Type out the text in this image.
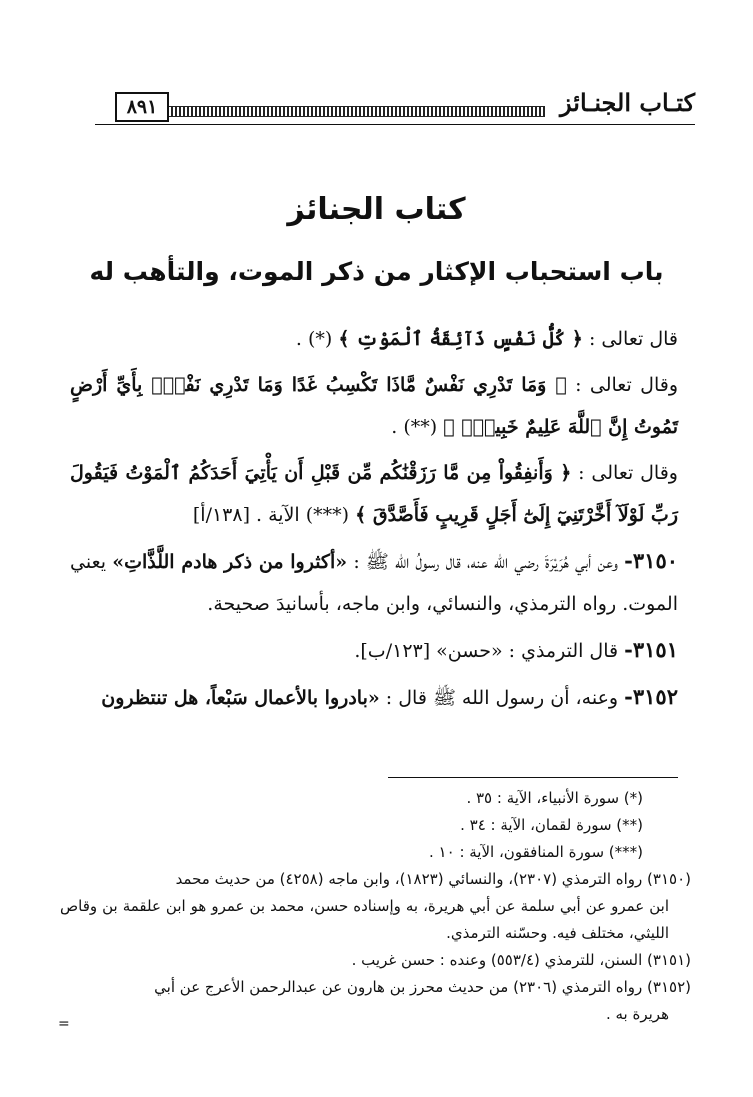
كتـاب الجنـائز
٨٩١
كتاب الجنائز
باب استحباب الإكثار من ذكر الموت، والتأهب له

قال تعالى : ﴿ كُلُّ نَفْسٍ ذَآئِقَةُ ٱلْمَوْتِ ﴾ (*) .

وقال تعالى : ﴿ وَمَا تَدْرِي نَفْسٌ مَّاذَا تَكْسِبُ غَدًا وَمَا تَدْرِي نَفْسٌۢ بِأَيِّ أَرْضٍ تَمُوتُ إِنَّ ٱللَّهَ عَلِيمٌ خَبِيرٌۢ ﴾ (**) .

وقال تعالى : ﴿ وَأَنفِقُواْ مِن مَّا رَزَقْنَٰكُم مِّن قَبْلِ أَن يَأْتِيَ أَحَدَكُمُ ٱلْمَوْتُ فَيَقُولَ رَبِّ لَوْلَآ أَخَّرْتَنِيٓ إِلَىٰٓ أَجَلٍ قَرِيبٍ فَأَصَّدَّقَ ﴾ (***) الآية . [١٣٨/أ]

٣١٥٠- وعن أبي هُرَيْرَةَ رضي الله عنه، قال رسولُ الله ﷺ : «أكثروا من ذكر هادم اللَّذَّاتِ» يعني الموت. رواه الترمذي، والنسائي، وابن ماجه، بأسانيدَ صحيحة.

٣١٥١- قال الترمذي : «حسن» [١٢٣/ب].

٣١٥٢- وعنه، أن رسول الله ﷺ قال : «بادروا بالأعمال سَبْعاً، هل تنتظرون

(*) سورة الأنبياء، الآية : ٣٥ .

(**) سورة لقمان، الآية : ٣٤ .

(***) سورة المنافقون، الآية : ١٠ .

(٣١٥٠) رواه الترمذي (٢٣٠٧)، والنسائي (١٨٢٣)، وابن ماجه (٤٢٥٨) من حديث محمد

ابن عمرو عن أبي سلمة عن أبي هريرة، به وإسناده حسن، محمد بن عمرو هو ابن علقمة بن وقاص الليثي، مختلف فيه. وحسّنه الترمذي.

(٣١٥١) السنن، للترمذي (٥٥٣/٤) وعنده : حسن غريب .

(٣١٥٢) رواه الترمذي (٢٣٠٦) من حديث محرز بن هارون عن عبدالرحمن الأعرج عن أبي

هريرة به .

=
